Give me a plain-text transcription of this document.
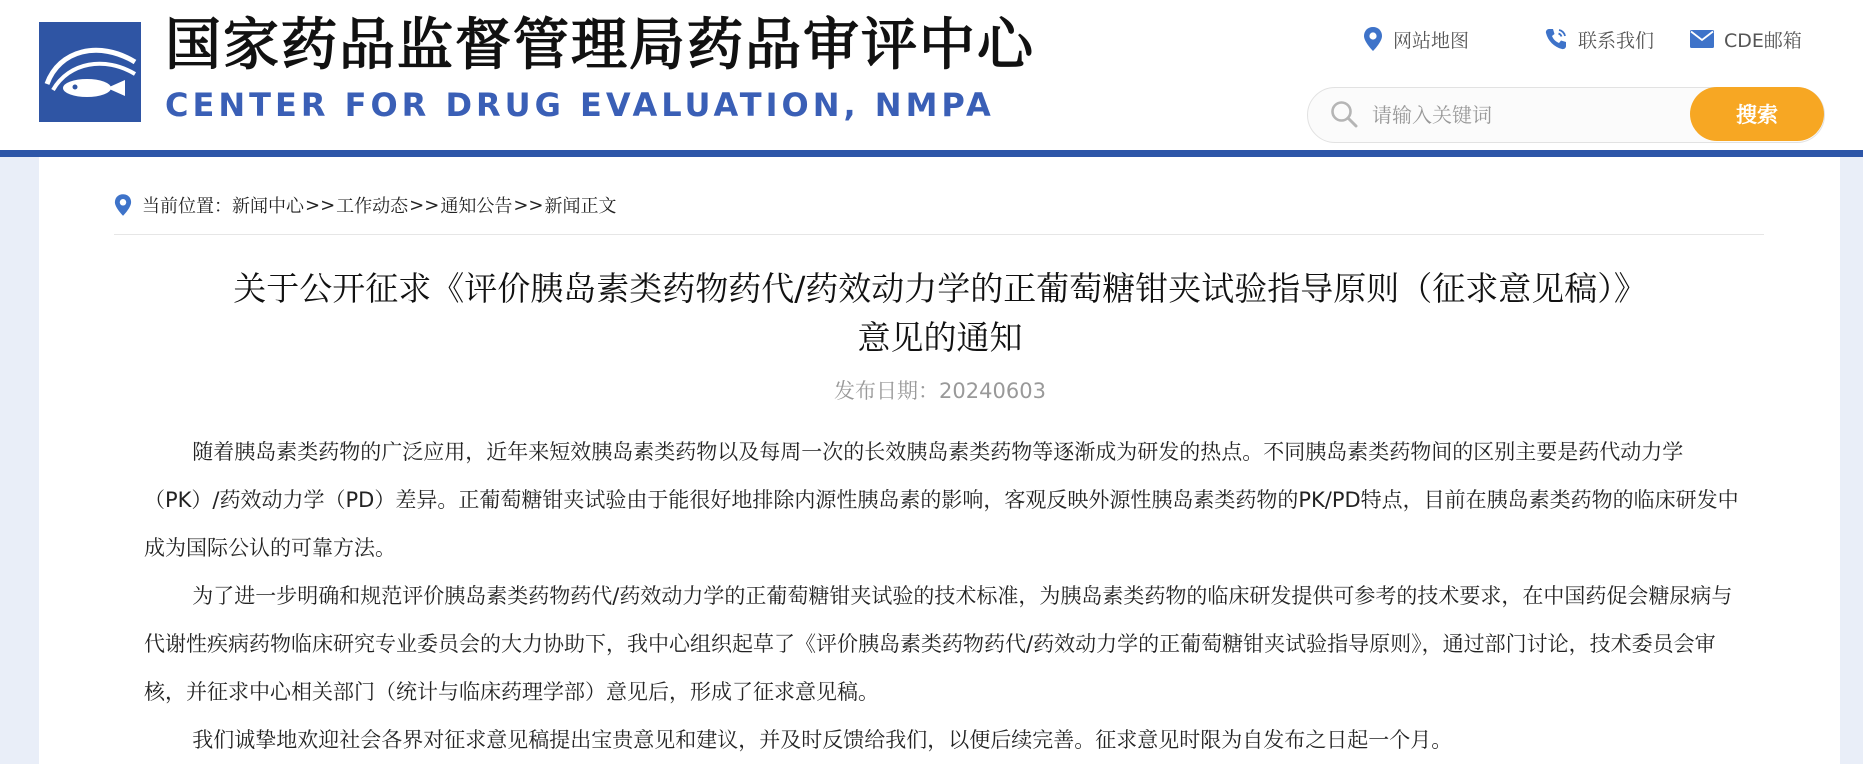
国家药品监督管理局药品审评中心
CENTER FOR DRUG EVALUATION, NMPA
网站地图	联系我们	CDE邮箱
请输入关键词
搜索
当前位置： 新闻中心 >> 工作动态 >> 通知公告 >> 新闻正文
关于公开征求《评价胰岛素类药物药代/药效动力学的正葡萄糖钳夹试验指导原则（征求意见稿）》
意见的通知
发布日期：20240603

随着胰岛素类药物的广泛应用，近年来短效胰岛素类药物以及每周一次的长效胰岛素类药物等逐渐成为研发的热点。不同胰岛素类药物间的区别主要是药代动力学（PK）/药效动力学（PD）差异。正葡萄糖钳夹试验由于能很好地排除内源性胰岛素的影响，客观反映外源性胰岛素类药物的PK/PD特点，目前在胰岛素类药物的临床研发中成为国际公认的可靠方法。

为了进一步明确和规范评价胰岛素类药物药代/药效动力学的正葡萄糖钳夹试验的技术标准，为胰岛素类药物的临床研发提供可参考的技术要求，在中国药促会糖尿病与代谢性疾病药物临床研究专业委员会的大力协助下，我中心组织起草了《评价胰岛素类药物药代/药效动力学的正葡萄糖钳夹试验指导原则》，通过部门讨论，技术委员会审核，并征求中心相关部门（统计与临床药理学部）意见后，形成了征求意见稿。

我们诚挚地欢迎社会各界对征求意见稿提出宝贵意见和建议，并及时反馈给我们，以便后续完善。征求意见时限为自发布之日起一个月。
